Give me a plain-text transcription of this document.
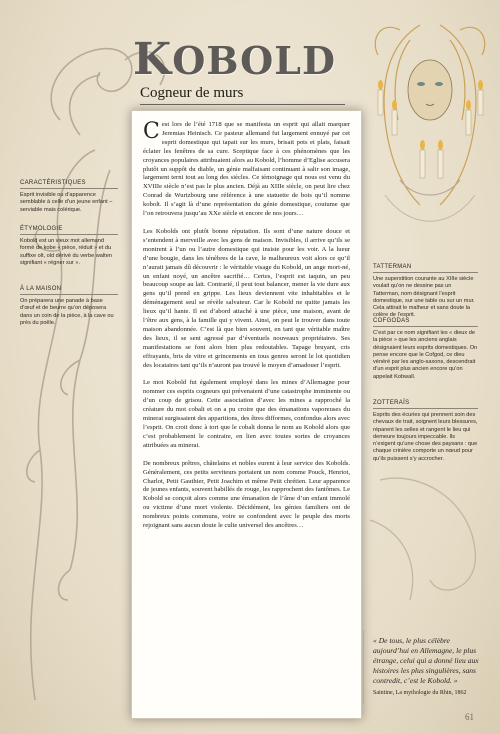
KOBOLD
Cogneur de murs

Cest lors de l’été 1718 que se manifesta un esprit qui allait marquer Jeremias Heinisch. Ce pasteur allemand fut largement ennuyé par cet esprit domestique qui tapait sur les murs, brisait pots et plats, faisait éclater les fenêtres de sa cure. Sceptique face à ces phénomènes que les croyances populaires attribuaient alors au Kobold, l’homme d’Eglise accusera plutôt un suppôt du diable, un génie malfaisant continuant à salir son image, largement terni tout au long des siècles. Ce témoignage qui nous est venu du XVIIIe siècle n’est pas le plus ancien. Déjà au XIIIe siècle, on peut lire chez Conrad de Wurtzbourg une référence à une statuette de bois qu’il nomme kobolt. Il s’agit là d’une représentation du génie domestique, coutume que l’on retrouvera jusqu’au XXe siècle et encore de nos jours…

Les Kobolds ont plutôt bonne réputation. Ils sont d’une nature douce et s’entendent à merveille avec les gens de maison. Invisibles, il arrive qu’ils se montrent à l’un ou l’autre domestique qui insiste pour les voir. A la lueur d’une bougie, dans les ténèbres de la cave, le malheureux voit alors ce qu’il n’aurait jamais dû découvrir : le véritable visage du Kobold, un ange mort-né, un enfant noyé, un ancêtre sacrifié… Certes, l’esprit est taquin, un peu beaucoup soupe au lait. Contrarié, il peut tout balancer, mener la vie dure aux gens qu’il prend en grippe. Les lieux deviennent vite inhabitables et le déménagement seul se révèle salvateur. Car le Kobold ne quitte jamais les lieux qu’il hante. Il est d’abord attaché à une pièce, une maison, avant de l’être aux gens, à la famille qui y vivent. Ainsi, on peut le trouver dans toute maison abandonnée. C’est là que bien souvent, en tant que véritable maître des lieux, il se sent agressé par d’éventuels nouveaux propriétaires. Ses manifestations se font alors bien plus redoutables. Tapage bruyant, cris effrayants, bris de vitre et grincements en tous genres seront le lot quotidien des locataires tant qu’ils n’auront pas trouvé le moyen d’amadouer l’esprit.

Le mot Kobold fut également employé dans les mines d’Allemagne pour nommer ces esprits cogneurs qui prévenaient d’une catastrophe imminente ou d’un coup de grisou. Cette association d’avec les mines a rapproché la créature du mot cobalt et on a pu croire que des émanations vaporeuses du minerai surgissaient des apparitions, des êtres difformes, confondus alors avec l’esprit. On croit donc à tort que le cobalt donna le nom au Kobold alors que c’est probablement le contraire, en lien avec toutes sortes de croyances attribuées au minerai.

De nombreux prêtres, châtelains et nobles eurent à leur service des Kobolds. Généralement, ces petits serviteurs portaient un nom comme Pouck, Henriot, Charlot, Petit Gauthier, Petit Joachim et même Petit chrétien. Leur apparence de jeunes enfants, souvent habillés de rouge, les rapprochent des fantômes. Le Kobold se conçoit alors comme une émanation de l’âme d’un enfant immolé ou victime d’une mort violente. Décidément, les génies familiers ont de nombreux points communs, voire se confondent avec le peuple des morts rejoignant sans aucun doute le culte universel des ancêtres…

CARACTÉRISTIQUES

Esprit invisible ou d’apparence semblable à celle d’un jeune enfant – serviable mais colérique.

ÉTYMOLOGIE

Kobold est un vieux mot allemand formé de kobe « pièce, réduit » et du suffixe olt, old dérivé du verbe walten signifiant « régner sur ».

À LA MAISON

On préparera une panade à base d’œuf et de beurre qu’on déposera dans un coin de la pièce, à la cave ou près du poêle.

TATTERMAN

Une superstition courante au XIIIe siècle voulait qu’on ne dessine pas un Tatterman, nom désignant l’esprit domestique, sur une table ou sur un mur. Cela attirait le malheur et sans doute la colère de l’esprit.

COFGODAS

C’est par ce nom signifiant les « dieux de la pièce » que les anciens anglais désignaient leurs esprits domestiques. On pense encore que le Cofgod, ce dieu vénéré par les anglo-saxons, descendrait d’un esprit plus ancien encore qu’on appelait Kobwall.

ZOTTERAÏS

Esprits des écuries qui prennent soin des chevaux de trait, soignent leurs blessures, réparent les selles et rangent le lieu qui demeure toujours impeccable. Ils n’exigent qu’une chose des paysans : que chaque crinière comporte un nœud pour qu’ils puissent s’y accrocher.

« De tous, le plus célèbre aujourd’hui en Allemagne, le plus étrange, celui qui a donné lieu aux histoires les plus singulières, sans contredit, c’est le Kobold. »

Saintine, La mythologie du Rhin, 1862
61
